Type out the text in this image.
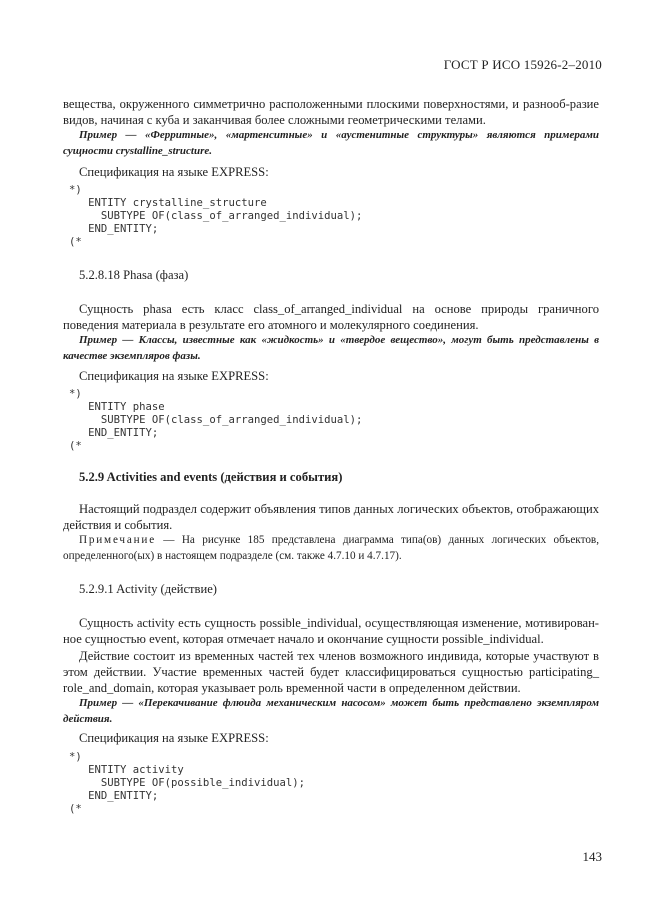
ГОСТ Р ИСО 15926-2–2010

вещества, окруженного симметрично расположенными плоскими поверхностями, и разнооб-разие видов, начиная с куба и заканчивая более сложными геометрическими телами.

Пример — «Ферритные», «мартенситные» и «аустенитные структуры» являются примерами сущности crystalline_structure.

Спецификация на языке EXPRESS:

*)
ENTITY crystalline_structure
SUBTYPE OF(class_of_arranged_individual);
END_ENTITY;
(*

5.2.8.18 Phasa (фаза)

Сущность phasa есть класс class_of_arranged_individual на основе природы граничного поведения материала в результате его атомного и молекулярного соединения.

Пример — Классы, известные как «жидкость» и «твердое вещество», могут быть представлены в качестве экземпляров фазы.

Спецификация на языке EXPRESS:

*)
ENTITY phase
SUBTYPE OF(class_of_arranged_individual);
END_ENTITY;
(*

5.2.9 Activities and events (действия и события)

Настоящий подраздел содержит объявления типов данных логических объектов, отображающих действия и события.

Примечание — На рисунке 185 представлена диаграмма типа(ов) данных логических объектов, определенного(ых) в настоящем подразделе (см. также 4.7.10 и 4.7.17).

5.2.9.1 Activity (действие)

Сущность activity есть сущность possible_individual, осуществляющая изменение, мотивирован-ное сущностью event, которая отмечает начало и окончание сущности possible_individual.

Действие состоит из временных частей тех членов возможного индивида, которые участвуют в этом действии. Участие временных частей будет классифицироваться сущностью participating_ role_and_domain, которая указывает роль временной части в определенном действии.

Пример — «Перекачивание флюида механическим насосом» может быть представлено экземпляром действия.

Спецификация на языке EXPRESS:

*)
ENTITY activity
SUBTYPE OF(possible_individual);
END_ENTITY;
(*
143
